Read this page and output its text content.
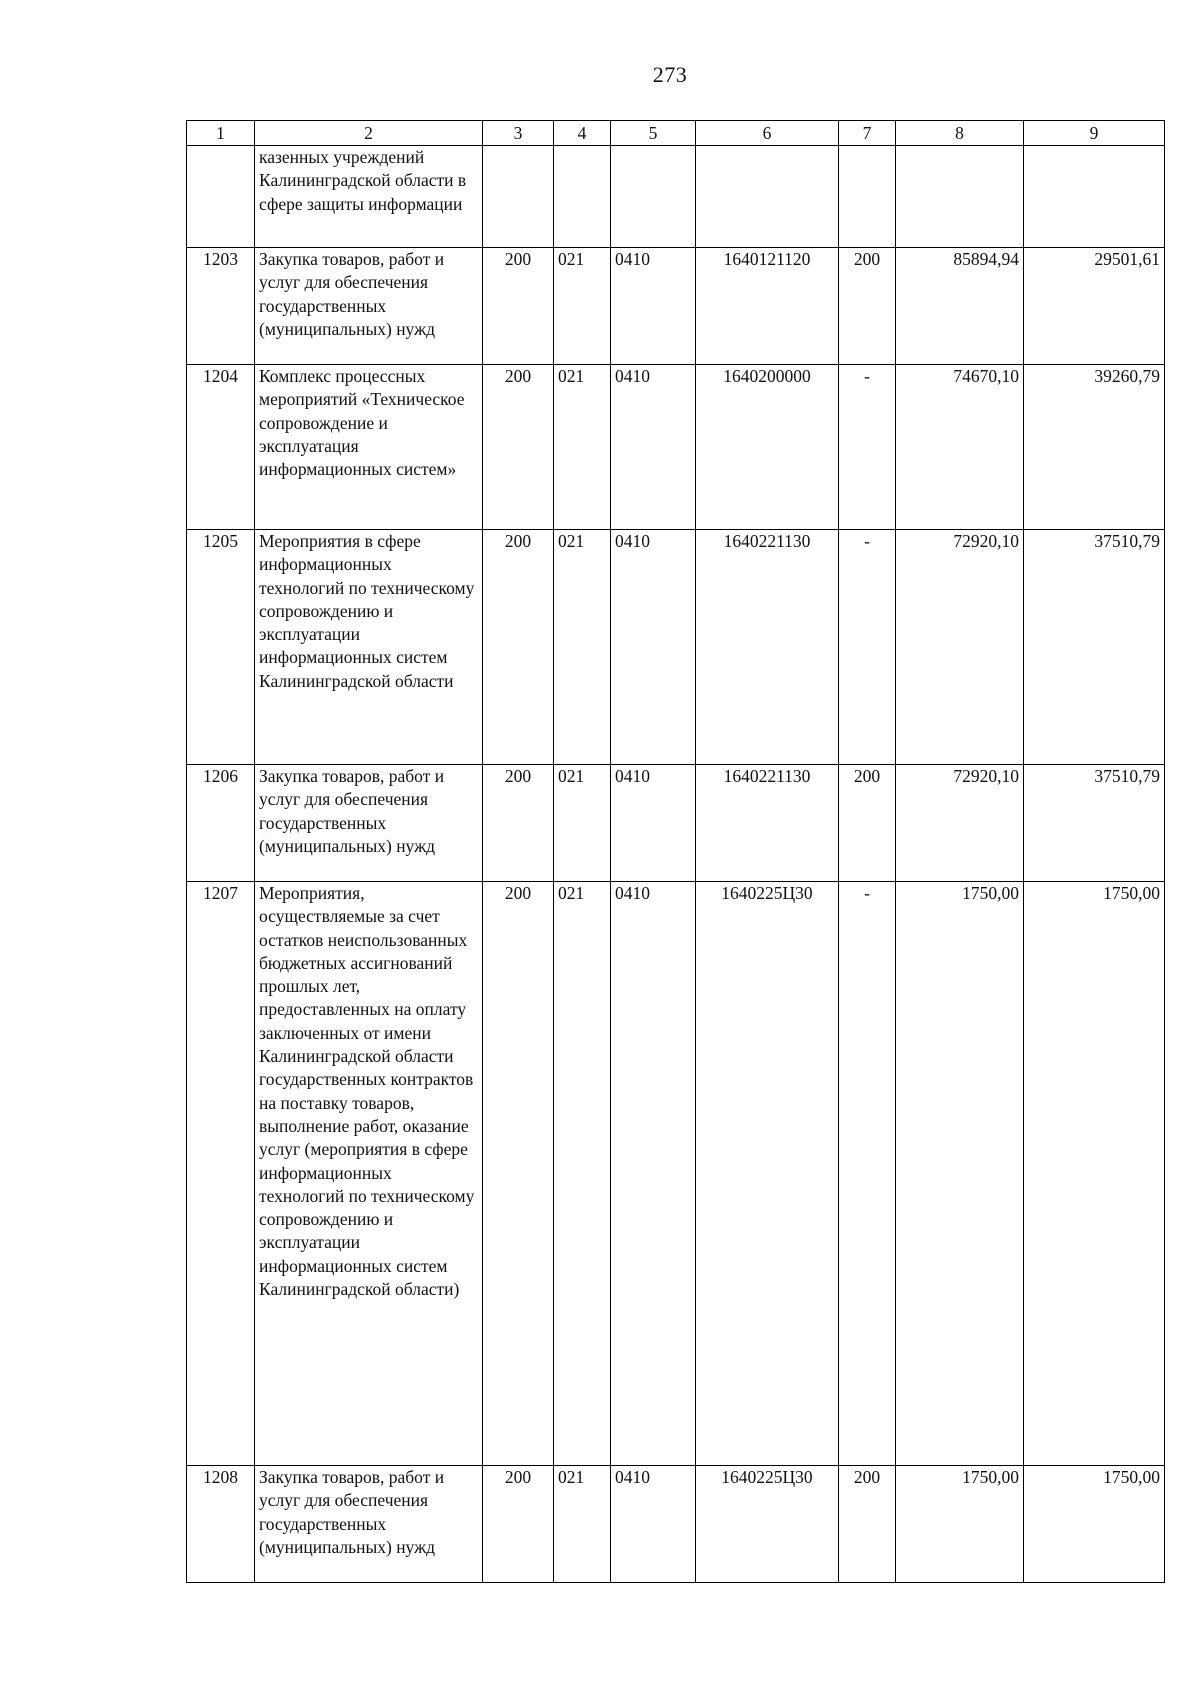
273
1	2	3	4	5	6	7	8	9
	казенных учреждений Калининградской области в сфере защиты информации							
1203	Закупка товаров, работ и услуг для обеспечения государственных (муниципальных) нужд	200	021	0410	1640121120	200	85894,94	29501,61
1204	Комплекс процессных мероприятий «Техническое сопровождение и эксплуатация информационных систем»	200	021	0410	1640200000	-	74670,10	39260,79
1205	Мероприятия в сфере информационных технологий по техническому сопровождению и эксплуатации информационных систем Калининградской области	200	021	0410	1640221130	-	72920,10	37510,79
1206	Закупка товаров, работ и услуг для обеспечения государственных (муниципальных) нужд	200	021	0410	1640221130	200	72920,10	37510,79
1207	Мероприятия, осуществляемые за счет остатков неиспользованных бюджетных ассигнований прошлых лет, предоставленных на оплату заключенных от имени Калининградской области государственных контрактов на поставку товаров, выполнение работ, оказание услуг (мероприятия в сфере информационных технологий по техническому сопровождению и эксплуатации информационных систем Калининградской области)	200	021	0410	1640225Ц30	-	1750,00	1750,00
1208	Закупка товаров, работ и услуг для обеспечения государственных (муниципальных) нужд	200	021	0410	1640225Ц30	200	1750,00	1750,00
